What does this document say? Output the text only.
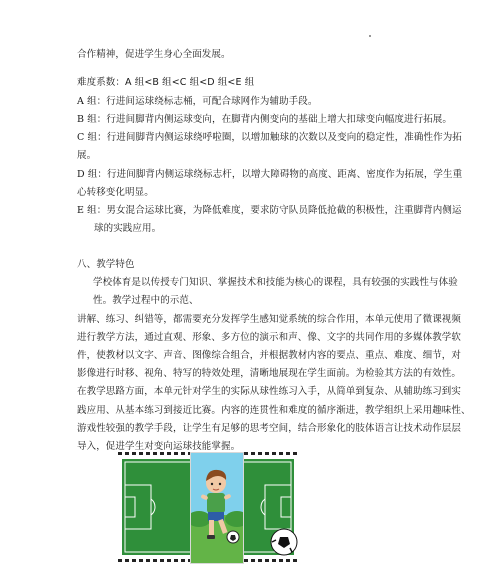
合作精神，促进学生身心全面发展。
难度系数：A 组<B 组<C 组<D 组<E 组
A 组：行进间运球绕标志桶，可配合球网作为辅助手段。
B 组：行进间脚背内侧运球变向，在脚背内侧变向的基础上增大扣球变向幅度进行拓展。
C 组：行进间脚背内侧运球绕呼啦圈，以增加触球的次数以及变向的稳定性，准确性作为拓
展。
D 组：行进间脚背内侧运球绕标志杆，以增大障碍物的高度、距离、密度作为拓展，学生重
心转移变化明显。
E 组：男女混合运球比赛，为降低难度，要求防守队员降低抢截的积极性，注重脚背内侧运
球的实践应用。
八、教学特色
学校体育是以传授专门知识、掌握技术和技能为核心的课程，具有较强的实践性与体验
性。教学过程中的示范、
讲解、练习、纠错等，都需要充分发挥学生感知觉系统的综合作用，本单元使用了微课视频
进行教学方法，通过直观、形象、多方位的演示和声、像、文字的共同作用的多媒体教学软
件，使教材以文字、声音、图像综合组合，并根据教材内容的要点、重点、难度、细节，对
影像进行时移、视角、特写的特效处理，清晰地展现在学生面前。为检验其方法的有效性。
在教学思路方面，本单元针对学生的实际从球性练习入手，从简单到复杂、从辅助练习到实
践应用、从基本练习到接近比赛。内容的连贯性和难度的循序渐进，教学组织上采用趣味性、
游戏性较强的教学手段，让学生有足够的思考空间，结合形象化的肢体语言让技术动作层层
导入，促进学生对变向运球技能掌握。
